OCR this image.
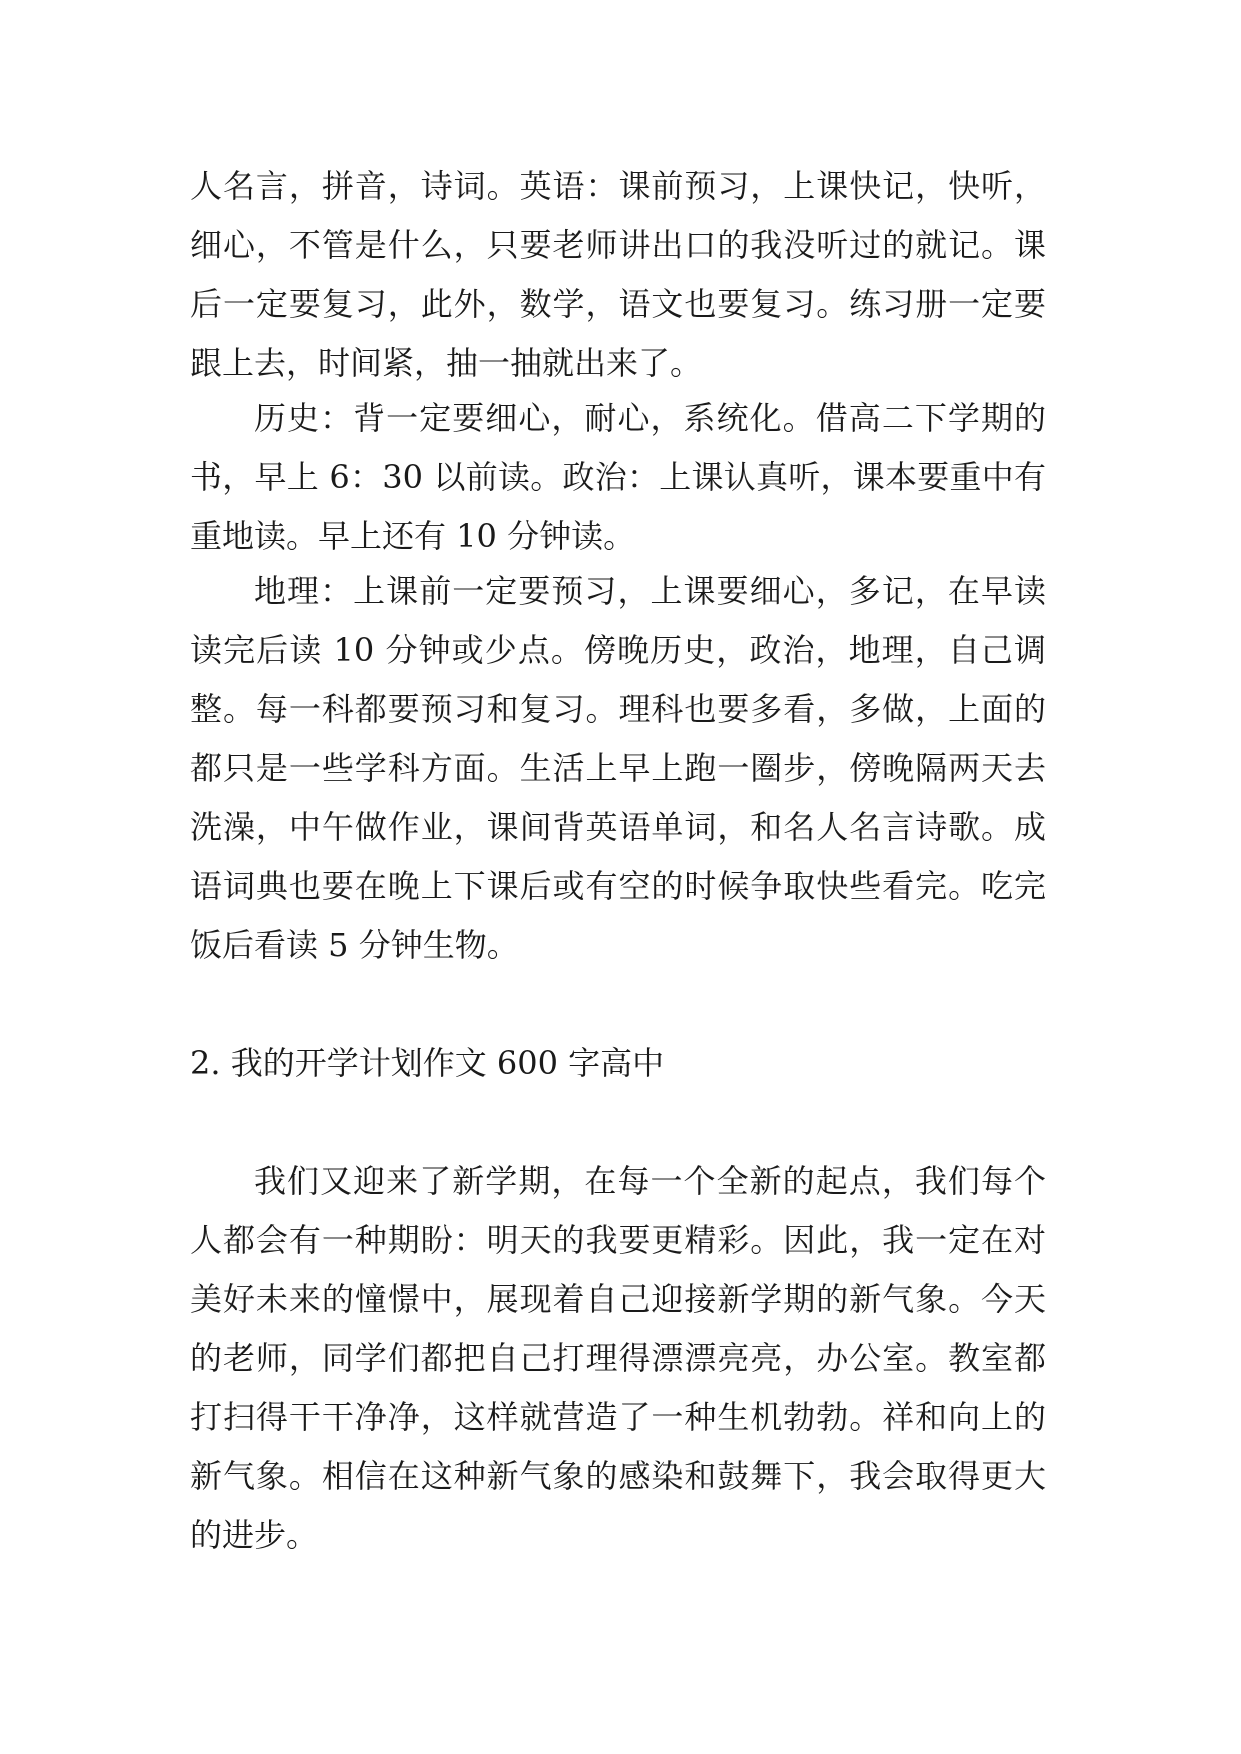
人名言，拼音，诗词。英语：课前预习，上课快记，快听，细心，不管是什么，只要老师讲出口的我没听过的就记。课后一定要复习，此外，数学，语文也要复习。练习册一定要跟上去，时间紧，抽一抽就出来了。

历史：背一定要细心，耐心，系统化。借高二下学期的书，早上 6：30 以前读。政治：上课认真听，课本要重中有重地读。早上还有 10 分钟读。

地理：上课前一定要预习，上课要细心，多记，在早读读完后读 10 分钟或少点。傍晚历史，政治，地理，自己调整。每一科都要预习和复习。理科也要多看，多做，上面的都只是一些学科方面。生活上早上跑一圈步，傍晚隔两天去洗澡，中午做作业，课间背英语单词，和名人名言诗歌。成语词典也要在晚上下课后或有空的时候争取快些看完。吃完饭后看读 5 分钟生物。

2. 我的开学计划作文 600 字高中

我们又迎来了新学期，在每一个全新的起点，我们每个人都会有一种期盼：明天的我要更精彩。因此，我一定在对美好未来的憧憬中，展现着自己迎接新学期的新气象。今天的老师，同学们都把自己打理得漂漂亮亮，办公室。教室都打扫得干干净净，这样就营造了一种生机勃勃。祥和向上的新气象。相信在这种新气象的感染和鼓舞下，我会取得更大的进步。
